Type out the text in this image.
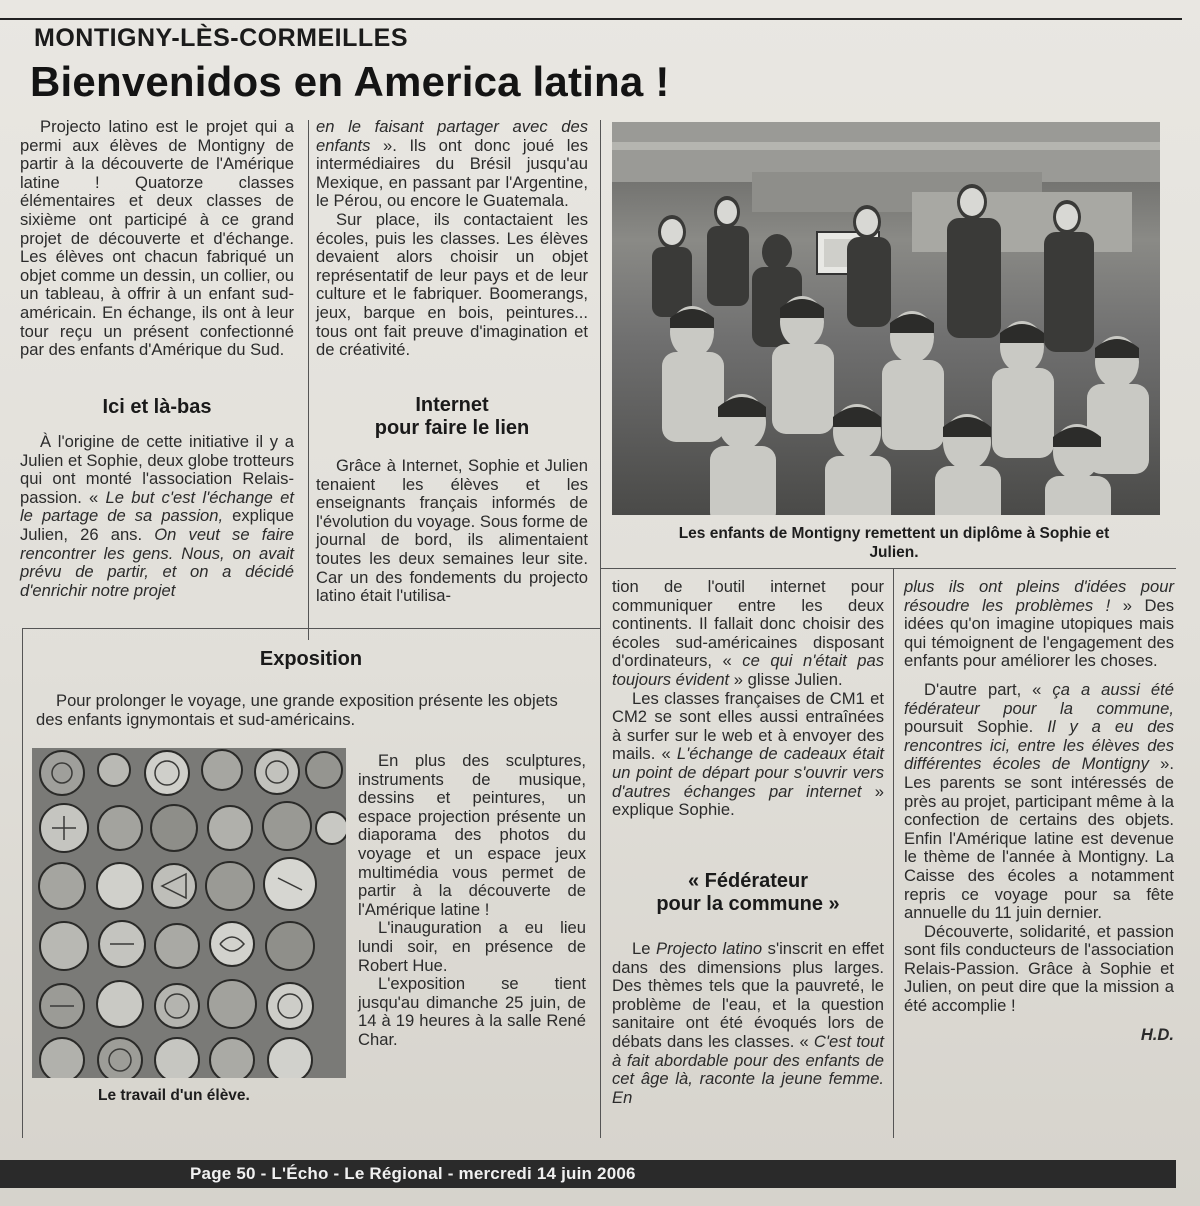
MONTIGNY-LÈS-CORMEILLES
Bienvenidos en America latina !

Projecto latino est le projet qui a permi aux élèves de Montigny de partir à la découverte de l'Amérique latine ! Quatorze classes élémentaires et deux classes de sixième ont participé à ce grand projet de découverte et d'échange. Les élèves ont chacun fabriqué un objet comme un dessin, un collier, ou un tableau, à offrir à un enfant sud-américain. En échange, ils ont à leur tour reçu un présent confectionné par des enfants d'Amérique du Sud.

Ici et là-bas

À l'origine de cette initiative il y a Julien et Sophie, deux globe trotteurs qui ont monté l'association Relais-passion. « Le but c'est l'échange et le partage de sa passion, explique Julien, 26 ans. On veut se faire rencontrer les gens. Nous, on avait prévu de partir, et on a décidé d'enrichir notre projet

en le faisant partager avec des enfants ». Ils ont donc joué les intermédiaires du Brésil jusqu'au Mexique, en passant par l'Argentine, le Pérou, ou encore le Guatemala.

Sur place, ils contactaient les écoles, puis les classes. Les élèves devaient alors choisir un objet représentatif de leur pays et de leur culture et le fabriquer. Boomerangs, jeux, barque en bois, peintures... tous ont fait preuve d'imagination et de créativité.

Internet
pour faire le lien

Grâce à Internet, Sophie et Julien tenaient les élèves et les enseignants français informés de l'évolution du voyage. Sous forme de journal de bord, ils alimentaient toutes les deux semaines leur site. Car un des fondements du projecto latino était l'utilisa-

Les enfants de Montigny remettent un diplôme à Sophie et Julien.

tion de l'outil internet pour communiquer entre les deux continents. Il fallait donc choisir des écoles sud-américaines disposant d'ordinateurs, « ce qui n'était pas toujours évident » glisse Julien.

Les classes françaises de CM1 et CM2 se sont elles aussi entraînées à surfer sur le web et à envoyer des mails. « L'échange de cadeaux était un point de départ pour s'ouvrir vers d'autres échanges par internet » explique Sophie.

« Fédérateur
pour la commune »

Le Projecto latino s'inscrit en effet dans des dimensions plus larges. Des thèmes tels que la pauvreté, le problème de l'eau, et la question sanitaire ont été évoqués lors de débats dans les classes. « C'est tout à fait abordable pour des enfants de cet âge là, raconte la jeune femme. En

plus ils ont pleins d'idées pour résoudre les problèmes ! » Des idées qu'on imagine utopiques mais qui témoignent de l'engagement des enfants pour améliorer les choses.

D'autre part, « ça a aussi été fédérateur pour la commune, poursuit Sophie. Il y a eu des rencontres ici, entre les élèves des différentes écoles de Montigny ». Les parents se sont intéressés de près au projet, participant même à la confection de certains des objets. Enfin l'Amérique latine est devenue le thème de l'année à Montigny. La Caisse des écoles a notamment repris ce voyage pour sa fête annuelle du 11 juin dernier.

Découverte, solidarité, et passion sont fils conducteurs de l'association Relais-Passion. Grâce à Sophie et Julien, on peut dire que la mission a été accomplie !

H.D.

Exposition

Pour prolonger le voyage, une grande exposition présente les objets des enfants ignymontais et sud-américains.

En plus des sculptures, instruments de musique, dessins et peintures, un espace projection présente un diaporama des photos du voyage et un espace jeux multimédia vous permet de partir à la découverte de l'Amérique latine !

L'inauguration a eu lieu lundi soir, en présence de Robert Hue.

L'exposition se tient jusqu'au dimanche 25 juin, de 14 à 19 heures à la salle René Char.

Le travail d'un élève.
Page 50 - L'Écho - Le Régional - mercredi 14 juin 2006
